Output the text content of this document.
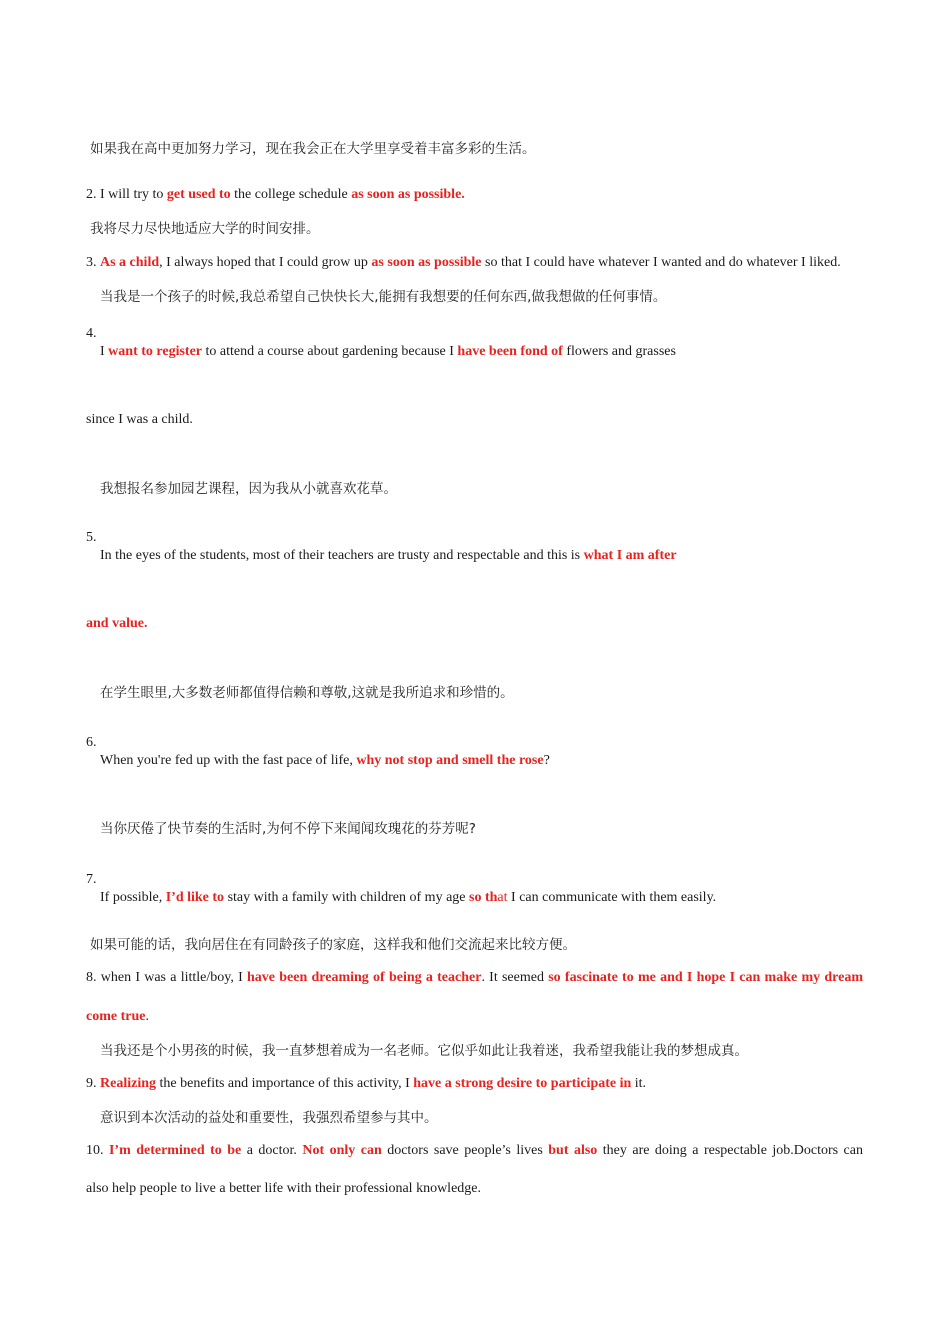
如果我在高中更加努力学习，现在我会正在大学里享受着丰富多彩的生活。
2. I will try to get used to the college schedule as soon as possible.
我将尽力尽快地适应大学的时间安排。
3. As a child, I always hoped that I could grow up as soon as possible so that I could have whatever I wanted and do whatever I liked.
当我是一个孩子的时候,我总希望自己快快长大,能拥有我想要的任何东西,做我想做的任何事情。
4.
I want to register to attend a course about gardening because I have been fond of flowers and grasses
since I was a child.
我想报名参加园艺课程，因为我从小就喜欢花草。
5.
In the eyes of the students, most of their teachers are trusty and respectable and this is what I am after
and value.
在学生眼里,大多数老师都值得信赖和尊敬,这就是我所追求和珍惜的。
6.
When you're fed up with the fast pace of life, why not stop and smell the rose?
当你厌倦了快节奏的生活时,为何不停下来闻闻玫瑰花的芬芳呢?
7.
If possible, I’d like to stay with a family with children of my age so that I can communicate with them easily.
如果可能的话，我向居住在有同龄孩子的家庭，这样我和他们交流起来比较方便。
8. when I was a little/boy, I have been dreaming of being a teacher. It seemed so fascinate to me and I hope I can make my dream
come true.
当我还是个小男孩的时候，我一直梦想着成为一名老师。它似乎如此让我着迷，我希望我能让我的梦想成真。
9. Realizing the benefits and importance of this activity, I have a strong desire to participate in it.
意识到本次活动的益处和重要性，我强烈希望参与其中。
10. I’m determined to be a doctor. Not only can doctors save people’s lives but also they are doing a respectable job.Doctors can
also help people to live a better life with their professional knowledge.
